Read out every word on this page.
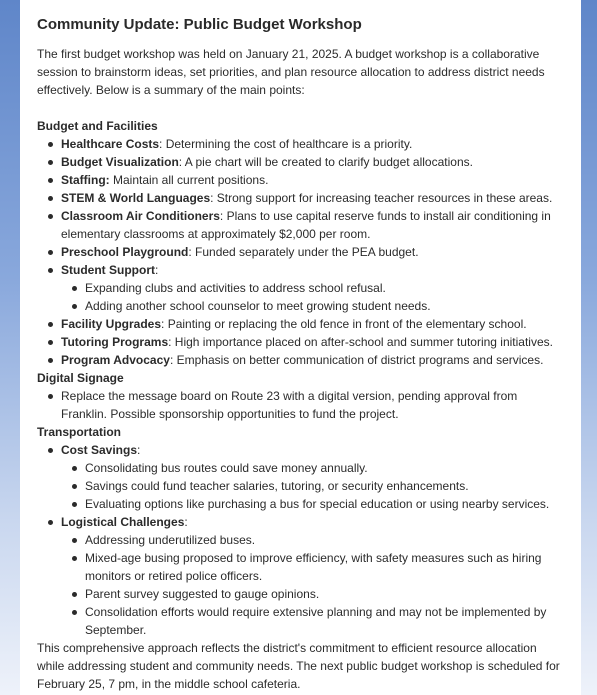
Community Update: Public Budget Workshop

The first budget workshop was held on January 21, 2025. A budget workshop is a collaborative session to brainstorm ideas, set priorities, and plan resource allocation to address district needs effectively. Below is a summary of the main points:

Budget and Facilities
Healthcare Costs: Determining the cost of healthcare is a priority.
Budget Visualization: A pie chart will be created to clarify budget allocations.
Staffing: Maintain all current positions.
STEM & World Languages: Strong support for increasing teacher resources in these areas.
Classroom Air Conditioners: Plans to use capital reserve funds to install air conditioning in elementary classrooms at approximately $2,000 per room.
Preschool Playground: Funded separately under the PEA budget.
Student Support:
Expanding clubs and activities to address school refusal.
Adding another school counselor to meet growing student needs.
Facility Upgrades: Painting or replacing the old fence in front of the elementary school.
Tutoring Programs: High importance placed on after-school and summer tutoring initiatives.
Program Advocacy: Emphasis on better communication of district programs and services.
Digital Signage
Replace the message board on Route 23 with a digital version, pending approval from Franklin. Possible sponsorship opportunities to fund the project.
Transportation
Cost Savings:
Consolidating bus routes could save money annually.
Savings could fund teacher salaries, tutoring, or security enhancements.
Evaluating options like purchasing a bus for special education or using nearby services.
Logistical Challenges:
Addressing underutilized buses.
Mixed-age busing proposed to improve efficiency, with safety measures such as hiring monitors or retired police officers.
Parent survey suggested to gauge opinions.
Consolidation efforts would require extensive planning and may not be implemented by September.

This comprehensive approach reflects the district's commitment to efficient resource allocation while addressing student and community needs. The next public budget workshop is scheduled for February 25, 7 pm, in the middle school cafeteria.
